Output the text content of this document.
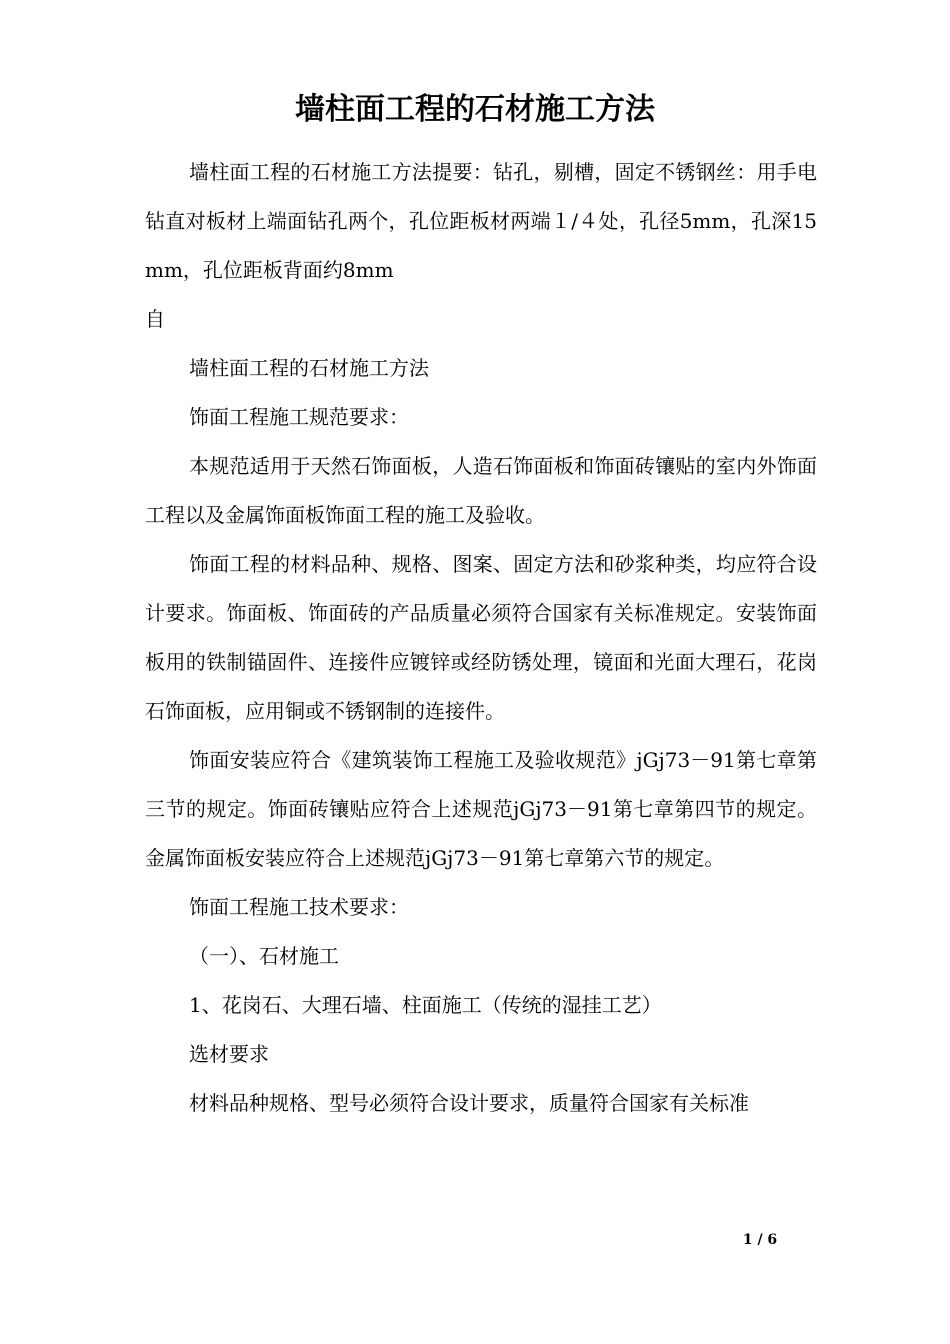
墙柱面工程的石材施工方法

墙柱面工程的石材施工方法提要：钻孔，剔槽，固定不锈钢丝：用手电钻直对板材上端面钻孔两个，孔位距板材两端１/４处，孔径5mm，孔深15mm，孔位距板背面约8mm

自

墙柱面工程的石材施工方法

饰面工程施工规范要求：

本规范适用于天然石饰面板，人造石饰面板和饰面砖镶贴的室内外饰面工程以及金属饰面板饰面工程的施工及验收。

饰面工程的材料品种、规格、图案、固定方法和砂浆种类，均应符合设计要求。饰面板、饰面砖的产品质量必须符合国家有关标准规定。安装饰面板用的铁制锚固件、连接件应镀锌或经防锈处理，镜面和光面大理石，花岗石饰面板，应用铜或不锈钢制的连接件。

饰面安装应符合《建筑装饰工程施工及验收规范》jGj73－91第七章第三节的规定。饰面砖镶贴应符合上述规范jGj73－91第七章第四节的规定。金属饰面板安装应符合上述规范jGj73－91第七章第六节的规定。

饰面工程施工技术要求：

（一）、石材施工

1、花岗石、大理石墙、柱面施工（传统的湿挂工艺）

选材要求

材料品种规格、型号必须符合设计要求，质量符合国家有关标准

1 / 6
